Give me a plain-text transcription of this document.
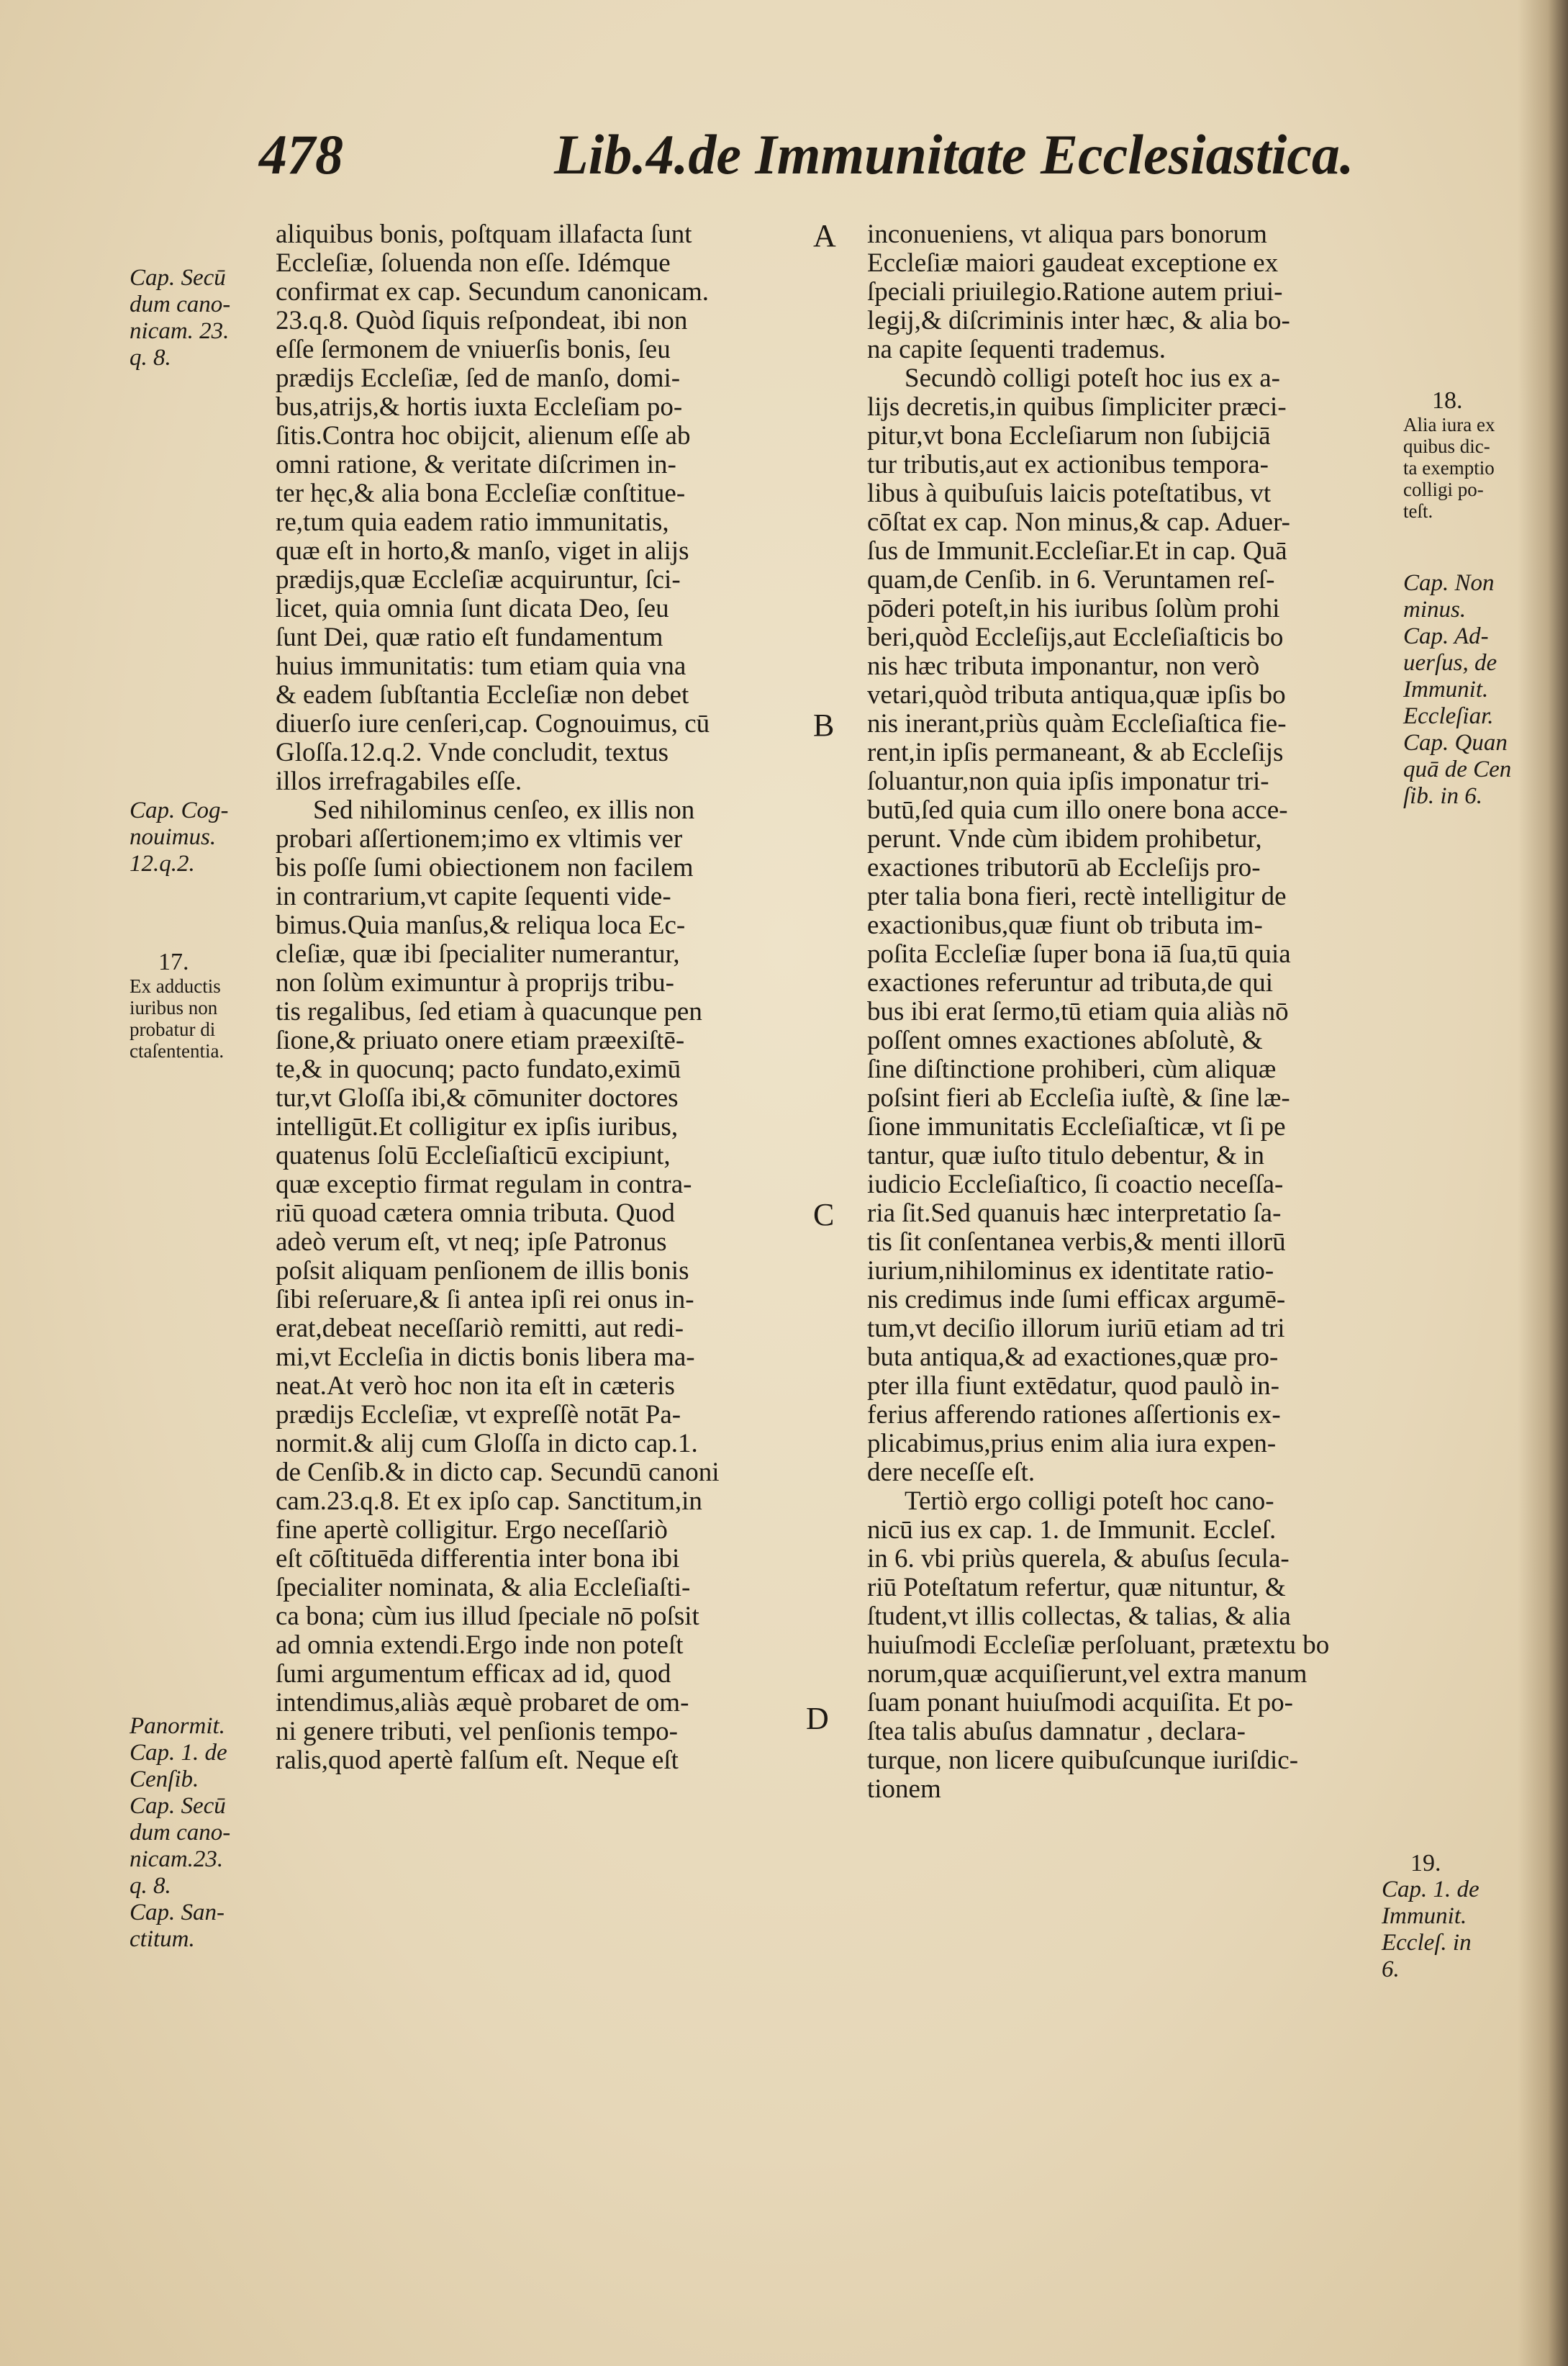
478	Lib.4.de Immunitate Ecclesiastica.
A
B
C
D
Cap. Secū
dum cano-
nicam. 23.
q. 8.
Cap. Cog-
nouimus.
12.q.2.
17.
Ex adductis
iuribus non
probatur di
ctaſententia.
Panormit.
Cap. 1. de
Cenſib.
Cap. Secū
dum cano-
nicam.23.
q. 8.
Cap. San-
ctitum.
18.
Alia iura ex
quibus dic-
ta exemptio
colligi po-
teſt.
Cap. Non
minus.
Cap. Ad-
uerſus, de
Immunit.
Eccleſiar.
Cap. Quan
quā de Cen
ſib. in 6.
19.
Cap. 1. de
Immunit.
Eccleſ. in
6.
aliquibus bonis, poſtquam illafacta ſunt
Eccleſiæ, ſoluenda non eſſe. Idémque
confirmat ex cap. Secundum canonicam.
23.q.8. Quòd ſiquis reſpondeat, ibi non
eſſe ſermonem de vniuerſis bonis, ſeu
prædijs Eccleſiæ, ſed de manſo, domi-
bus,atrijs,& hortis iuxta Eccleſiam po-
ſitis.Contra hoc obijcit, alienum eſſe ab
omni ratione, & veritate diſcrimen in-
ter hęc,& alia bona Eccleſiæ conſtitue-
re,tum quia eadem ratio immunitatis,
quæ eſt in horto,& manſo, viget in alijs
prædijs,quæ Eccleſiæ acquiruntur, ſci-
licet, quia omnia ſunt dicata Deo, ſeu
ſunt Dei, quæ ratio eſt fundamentum
huius immunitatis: tum etiam quia vna
& eadem ſubſtantia Eccleſiæ non debet
diuerſo iure cenſeri,cap. Cognouimus, cū
Gloſſa.12.q.2. Vnde concludit, textus
illos irrefragabiles eſſe.
Sed nihilominus cenſeo, ex illis non
probari aſſertionem;imo ex vltimis ver
bis poſſe ſumi obiectionem non facilem
in contrarium,vt capite ſequenti vide-
bimus.Quia manſus,& reliqua loca Ec-
cleſiæ, quæ ibi ſpecialiter numerantur,
non ſolùm eximuntur à proprijs tribu-
tis regalibus, ſed etiam à quacunque pen
ſione,& priuato onere etiam præexiſtē-
te,& in quocunq; pacto fundato,eximū
tur,vt Gloſſa ibi,& cōmuniter doctores
intelligūt.Et colligitur ex ipſis iuribus,
quatenus ſolū Eccleſiaſticū excipiunt,
quæ exceptio firmat regulam in contra-
riū quoad cætera omnia tributa. Quod
adeò verum eſt, vt neq; ipſe Patronus
poſsit aliquam penſionem de illis bonis
ſibi reſeruare,& ſi antea ipſi rei onus in-
erat,debeat neceſſariò remitti, aut redi-
mi,vt Eccleſia in dictis bonis libera ma-
neat.At verò hoc non ita eſt in cæteris
prædijs Eccleſiæ, vt expreſſè notāt Pa-
normit.& alij cum Gloſſa in dicto cap.1.
de Cenſib.& in dicto cap. Secundū canoni
cam.23.q.8. Et ex ipſo cap. Sanctitum,in
fine apertè colligitur. Ergo neceſſariò
eſt cōſtituēda differentia inter bona ibi
ſpecialiter nominata, & alia Eccleſiaſti-
ca bona; cùm ius illud ſpeciale nō poſsit
ad omnia extendi.Ergo inde non poteſt
ſumi argumentum efficax ad id, quod
intendimus,aliàs æquè probaret de om-
ni genere tributi, vel penſionis tempo-
ralis,quod apertè falſum eſt. Neque eſt
inconueniens, vt aliqua pars bonorum
Eccleſiæ maiori gaudeat exceptione ex
ſpeciali priuilegio.Ratione autem priui-
legij,& diſcriminis inter hæc, & alia bo-
na capite ſequenti trademus.
Secundò colligi poteſt hoc ius ex a-
lijs decretis,in quibus ſimpliciter præci-
pitur,vt bona Eccleſiarum non ſubijciā
tur tributis,aut ex actionibus tempora-
libus à quibuſuis laicis poteſtatibus, vt
cōſtat ex cap. Non minus,& cap. Aduer-
ſus de Immunit.Eccleſiar.Et in cap. Quā
quam,de Cenſib. in 6. Veruntamen reſ-
pōderi poteſt,in his iuribus ſolùm prohi
beri,quòd Eccleſijs,aut Eccleſiaſticis bo
nis hæc tributa imponantur, non verò
vetari,quòd tributa antiqua,quæ ipſis bo
nis inerant,priùs quàm Eccleſiaſtica fie-
rent,in ipſis permaneant, & ab Eccleſijs
ſoluantur,non quia ipſis imponatur tri-
butū,ſed quia cum illo onere bona acce-
perunt. Vnde cùm ibidem prohibetur,
exactiones tributorū ab Eccleſijs pro-
pter talia bona fieri, rectè intelligitur de
exactionibus,quæ fiunt ob tributa im-
poſita Eccleſiæ ſuper bona iā ſua,tū quia
exactiones referuntur ad tributa,de qui
bus ibi erat ſermo,tū etiam quia aliàs nō
poſſent omnes exactiones abſolutè, &
ſine diſtinctione prohiberi, cùm aliquæ
poſsint fieri ab Eccleſia iuſtè, & ſine læ-
ſione immunitatis Eccleſiaſticæ, vt ſi pe
tantur, quæ iuſto titulo debentur, & in
iudicio Eccleſiaſtico, ſi coactio neceſſa-
ria ſit.Sed quanuis hæc interpretatio ſa-
tis ſit conſentanea verbis,& menti illorū
iurium,nihilominus ex identitate ratio-
nis credimus inde ſumi efficax argumē-
tum,vt deciſio illorum iuriū etiam ad tri
buta antiqua,& ad exactiones,quæ pro-
pter illa fiunt extēdatur, quod paulò in-
ferius afferendo rationes aſſertionis ex-
plicabimus,prius enim alia iura expen-
dere neceſſe eſt.
Tertiò ergo colligi poteſt hoc cano-
nicū ius ex cap. 1. de Immunit. Eccleſ.
in 6. vbi priùs querela, & abuſus ſecula-
riū Poteſtatum refertur, quæ nituntur, &
ſtudent,vt illis collectas, & talias, & alia
huiuſmodi Eccleſiæ perſoluant, prætextu bo
norum,quæ acquiſierunt,vel extra manum
ſuam ponant huiuſmodi acquiſita. Et po-
ſtea talis abuſus damnatur , declara-
turque, non licere quibuſcunque iuriſdic-
tionem
